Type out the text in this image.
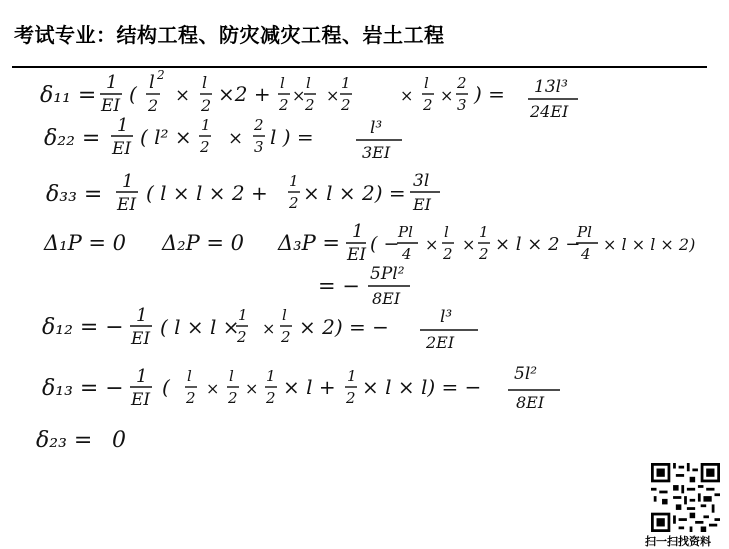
考试专业：结构工程、防灾减灾工程、岩土工程
δ₁₁ =
1
EI ( l 2
2 ×
l
2 ×2 + l
2 ×
l
2 ×
1
2	×
l
2 ×
2
3 ) = 13l³
24EI
δ₂₂ =
1
EI ( l² × 1
2 ×
2
3 l ) =	l³
3EI
δ₃₃ =
1
EI ( l × l × 2 + 1
2 × l × 2) = 3l
EI
Δ₁P = 0 Δ₂P = 0 Δ₃P = 1
EI ( −
Pl
4 ×
l
2 ×
1
2 × l × 2 −
Pl
4 × l × l × 2)
= − 5Pl²
8EI
δ₁₂ = − 1
EI ( l × l ×
1
2 ×
l
2 × 2) = −	l³
2EI
δ₁₃ = − 1
EI
( l
2 ×
l
2 ×
1
2 × l + 1
2 × l × l) = −
5l²
8EI
δ₂₃ = 0
扫一扫找资料
